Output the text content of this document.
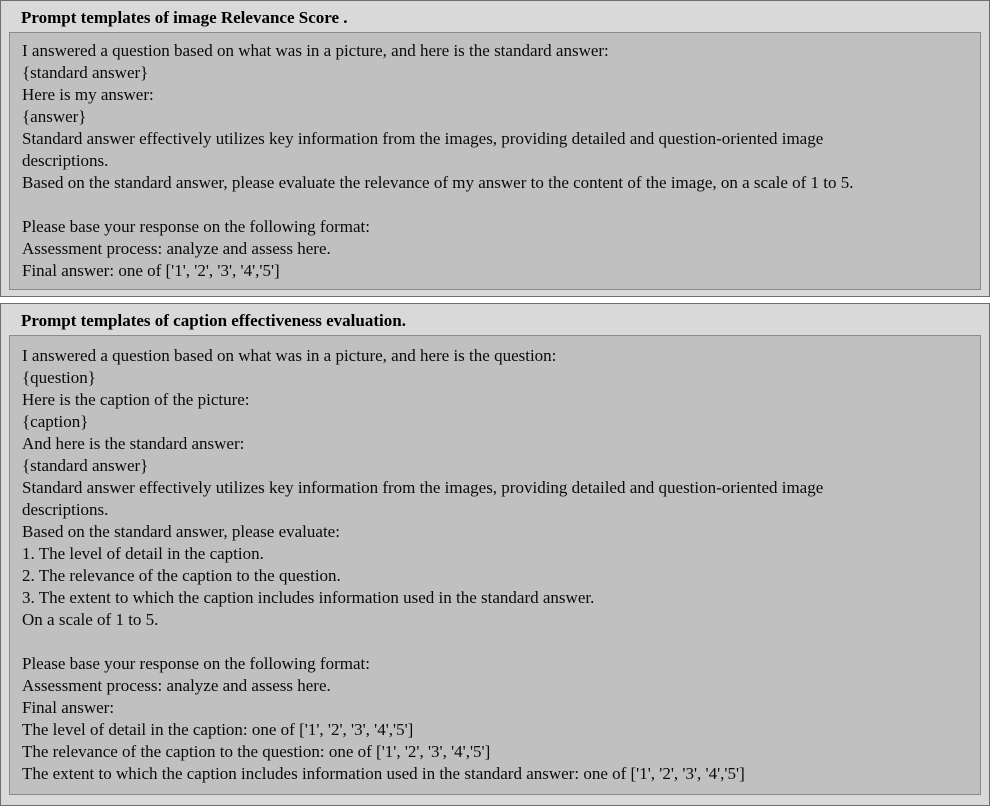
Prompt templates of image Relevance Score .
I answered a question based on what was in a picture, and here is the standard answer:
{standard answer}
Here is my answer:
{answer}
Standard answer effectively utilizes key information from the images, providing detailed and question-oriented image
descriptions.
Based on the standard answer, please evaluate the relevance of my answer to the content of the image, on a scale of 1 to 5.

Please base your response on the following format:
Assessment process: analyze and assess here.
Final answer: one of ['1', '2', '3', '4','5']
Prompt templates of caption effectiveness evaluation.
I answered a question based on what was in a picture, and here is the question:
{question}
Here is the caption of the picture:
{caption}
And here is the standard answer:
{standard answer}
Standard answer effectively utilizes key information from the images, providing detailed and question-oriented image
descriptions.
Based on the standard answer, please evaluate:
1. The level of detail in the caption.
2. The relevance of the caption to the question.
3. The extent to which the caption includes information used in the standard answer.
On a scale of 1 to 5.

Please base your response on the following format:
Assessment process: analyze and assess here.
Final answer:
The level of detail in the caption: one of ['1', '2', '3', '4','5']
The relevance of the caption to the question: one of ['1', '2', '3', '4','5']
The extent to which the caption includes information used in the standard answer: one of ['1', '2', '3', '4','5']
